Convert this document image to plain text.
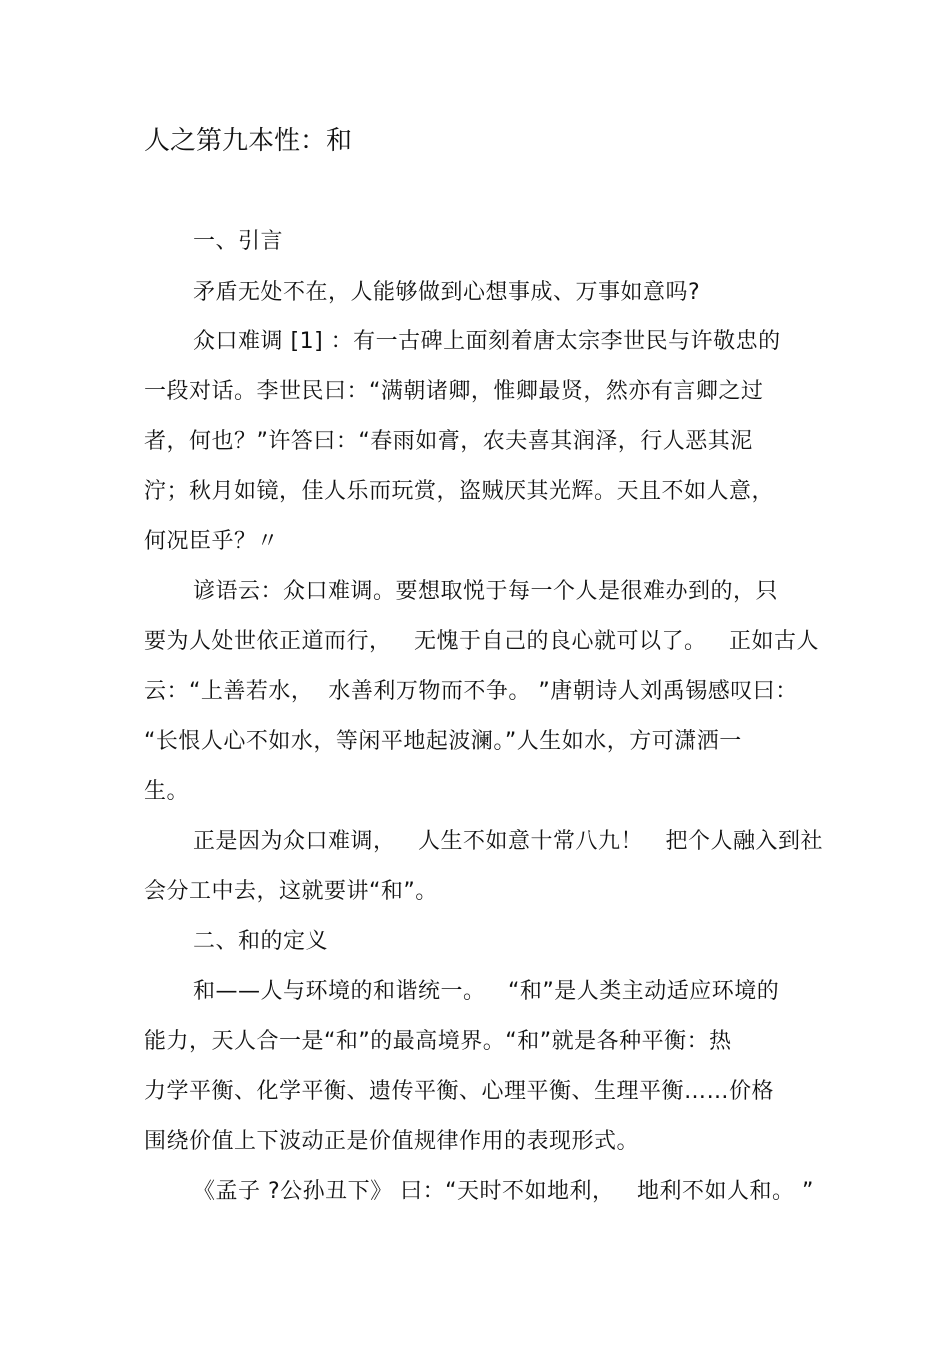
人之第九本性：和
一、引言
矛盾无处不在，人能够做到心想事成、万事如意吗?
众口难调 [1] ：有一古碑上面刻着唐太宗李世民与许敬忠的
一段对话。李世民曰：“满朝诸卿，惟卿最贤，然亦有言卿之过
者，何也？”许答曰：“春雨如膏，农夫喜其润泽，行人恶其泥
泞；秋月如镜，佳人乐而玩赏，盗贼厌其光辉。天且不如人意，
何况臣乎？〃
谚语云：众口难调。要想取悦于每一个人是很难办到的，只
要为人处世依正道而行，   无愧于自己的良心就可以了。   正如古人
云：“上善若水，  水善利万物而不争。 ”唐朝诗人刘禹锡感叹曰：
“长恨人心不如水，等闲平地起波澜。”人生如水，方可潇洒一
生。
正是因为众口难调，   人生不如意十常八九！   把个人融入到社
会分工中去，这就要讲“和”。
二、和的定义
和——人与环境的和谐统一。   “和”是人类主动适应环境的
能力，天人合一是“和”的最高境界。“和”就是各种平衡：热
力学平衡、化学平衡、遗传平衡、心理平衡、生理平衡……价格
围绕价值上下波动正是价值规律作用的表现形式。
《孟子 ?公孙丑下》 曰：“天时不如地利，   地利不如人和。 ”
